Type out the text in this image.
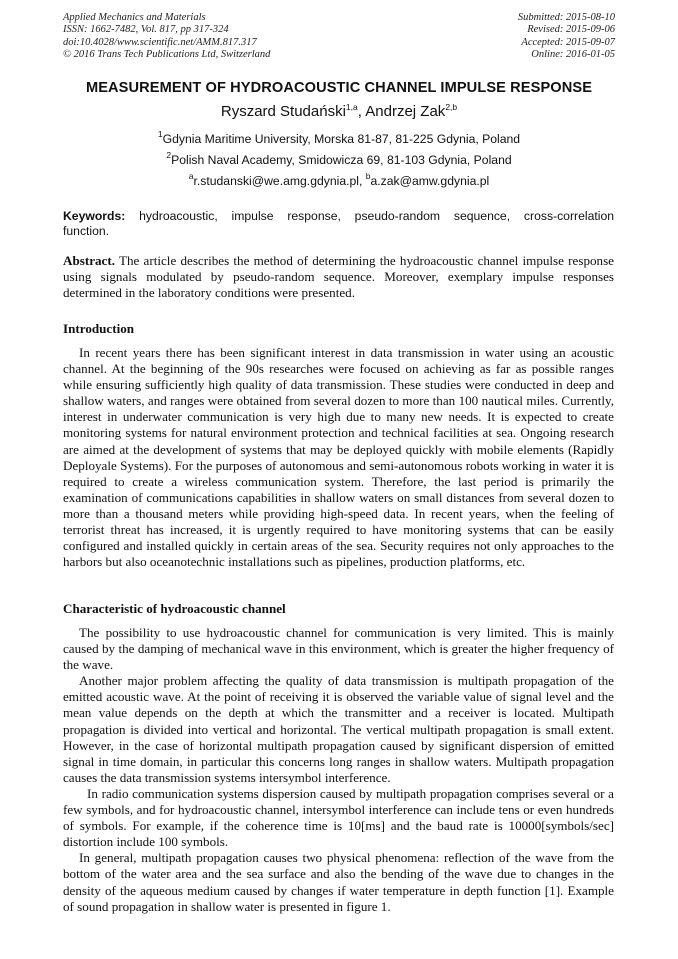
Applied Mechanics and Materials
ISSN: 1662-7482, Vol. 817, pp 317-324
doi:10.4028/www.scientific.net/AMM.817.317
© 2016 Trans Tech Publications Ltd, Switzerland
Submitted: 2015-08-10
Revised: 2015-09-06
Accepted: 2015-09-07
Online: 2016-01-05
MEASUREMENT OF HYDROACOUSTIC CHANNEL IMPULSE RESPONSE
Ryszard Studański$^{1,a}$, Andrzej Zak$^{2,b}$
$^1$Gdynia Maritime University, Morska 81-87, 81-225 Gdynia, Poland
$^2$Polish Naval Academy, Smidowicza 69, 81-103 Gdynia, Poland
$^a$r.studanski@we.amg.gdynia.pl, $^b$a.zak@amw.gdynia.pl
Keywords: hydroacoustic, impulse response, pseudo-random sequence, cross-correlation function.
Abstract. The article describes the method of determining the hydroacoustic channel impulse response using signals modulated by pseudo-random sequence. Moreover, exemplary impulse responses determined in the laboratory conditions were presented.
Introduction

In recent years there has been significant interest in data transmission in water using an acoustic channel. At the beginning of the 90s researches were focused on achieving as far as possible ranges while ensuring sufficiently high quality of data transmission. These studies were conducted in deep and shallow waters, and ranges were obtained from several dozen to more than 100 nautical miles. Currently, interest in underwater communication is very high due to many new needs. It is expected to create monitoring systems for natural environment protection and technical facilities at sea. Ongoing research are aimed at the development of systems that may be deployed quickly with mobile elements (Rapidly Deployale Systems). For the purposes of autonomous and semi-autonomous robots working in water it is required to create a wireless communication system. Therefore, the last period is primarily the examination of communications capabilities in shallow waters on small distances from several dozen to more than a thousand meters while providing high-speed data. In recent years, when the feeling of terrorist threat has increased, it is urgently required to have monitoring systems that can be easily configured and installed quickly in certain areas of the sea. Security requires not only approaches to the harbors but also oceanotechnic installations such as pipelines, production platforms, etc.

Characteristic of hydroacoustic channel

The possibility to use hydroacoustic channel for communication is very limited. This is mainly caused by the damping of mechanical wave in this environment, which is greater the higher frequency of the wave.

Another major problem affecting the quality of data transmission is multipath propagation of the emitted acoustic wave. At the point of receiving it is observed the variable value of signal level and the mean value depends on the depth at which the transmitter and a receiver is located. Multipath propagation is divided into vertical and horizontal. The vertical multipath propagation is small extent. However, in the case of horizontal multipath propagation caused by significant dispersion of emitted signal in time domain, in particular this concerns long ranges in shallow waters. Multipath propagation causes the data transmission systems intersymbol interference.

In radio communication systems dispersion caused by multipath propagation comprises several or a few symbols, and for hydroacoustic channel, intersymbol interference can include tens or even hundreds of symbols. For example, if the coherence time is 10[ms] and the baud rate is 10000[symbols/sec] distortion include 100 symbols.

In general, multipath propagation causes two physical phenomena: reflection of the wave from the bottom of the water area and the sea surface and also the bending of the wave due to changes in the density of the aqueous medium caused by changes if water temperature in depth function [1]. Example of sound propagation in shallow water is presented in figure 1.
